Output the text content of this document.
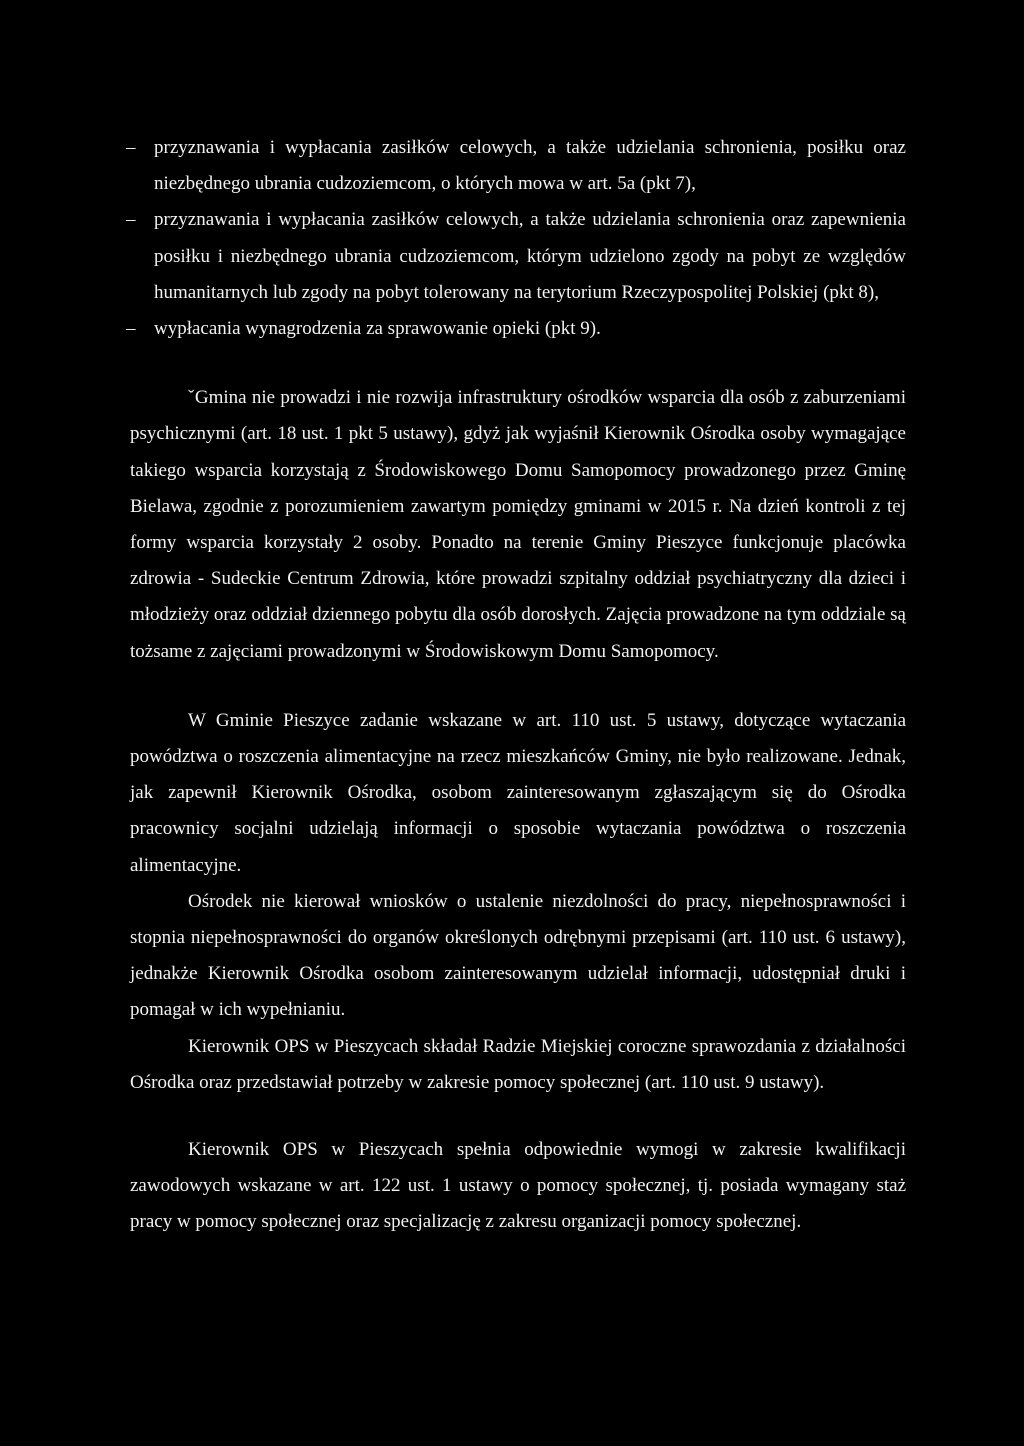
– przyznawania i wypłacania zasiłków celowych, a także udzielania schronienia, posiłku oraz niezbędnego ubrania cudzoziemcom, o których mowa w art. 5a (pkt 7),
– przyznawania i wypłacania zasiłków celowych, a także udzielania schronienia oraz zapewnienia posiłku i niezbędnego ubrania cudzoziemcom, którym udzielono zgody na pobyt ze względów humanitarnych lub zgody na pobyt tolerowany na terytorium Rzeczypospolitej Polskiej (pkt 8),
– wypłacania wynagrodzenia za sprawowanie opieki (pkt 9).

ˇGmina nie prowadzi i nie rozwija infrastruktury ośrodków wsparcia dla osób z zaburzeniami psychicznymi (art. 18 ust. 1 pkt 5 ustawy), gdyż jak wyjaśnił Kierownik Ośrodka osoby wymagające takiego wsparcia korzystają z Środowiskowego Domu Samopomocy prowadzonego przez Gminę Bielawa, zgodnie z porozumieniem zawartym pomiędzy gminami w 2015 r. Na dzień kontroli z tej formy wsparcia korzystały 2 osoby. Ponadto na terenie Gminy Pieszyce funkcjonuje placówka zdrowia - Sudeckie Centrum Zdrowia, które prowadzi szpitalny oddział psychiatryczny dla dzieci i młodzieży oraz oddział dziennego pobytu dla osób dorosłych. Zajęcia prowadzone na tym oddziale są tożsame z zajęciami prowadzonymi w Środowiskowym Domu Samopomocy.

W Gminie Pieszyce zadanie wskazane w art. 110 ust. 5 ustawy, dotyczące wytaczania powództwa o roszczenia alimentacyjne na rzecz mieszkańców Gminy, nie było realizowane. Jednak, jak zapewnił Kierownik Ośrodka, osobom zainteresowanym zgłaszającym się do Ośrodka pracownicy socjalni udzielają informacji o sposobie wytaczania powództwa o roszczenia alimentacyjne.

Ośrodek nie kierował wniosków o ustalenie niezdolności do pracy, niepełnosprawności i stopnia niepełnosprawności do organów określonych odrębnymi przepisami (art. 110 ust. 6 ustawy), jednakże Kierownik Ośrodka osobom zainteresowanym udzielał informacji, udostępniał druki i pomagał w ich wypełnianiu.

Kierownik OPS w Pieszycach składał Radzie Miejskiej coroczne sprawozdania z działalności Ośrodka oraz przedstawiał potrzeby w zakresie pomocy społecznej (art. 110 ust. 9 ustawy).

Kierownik OPS w Pieszycach spełnia odpowiednie wymogi w zakresie kwalifikacji zawodowych wskazane w art. 122 ust. 1 ustawy o pomocy społecznej, tj. posiada wymagany staż pracy w pomocy społecznej oraz specjalizację z zakresu organizacji pomocy społecznej.
